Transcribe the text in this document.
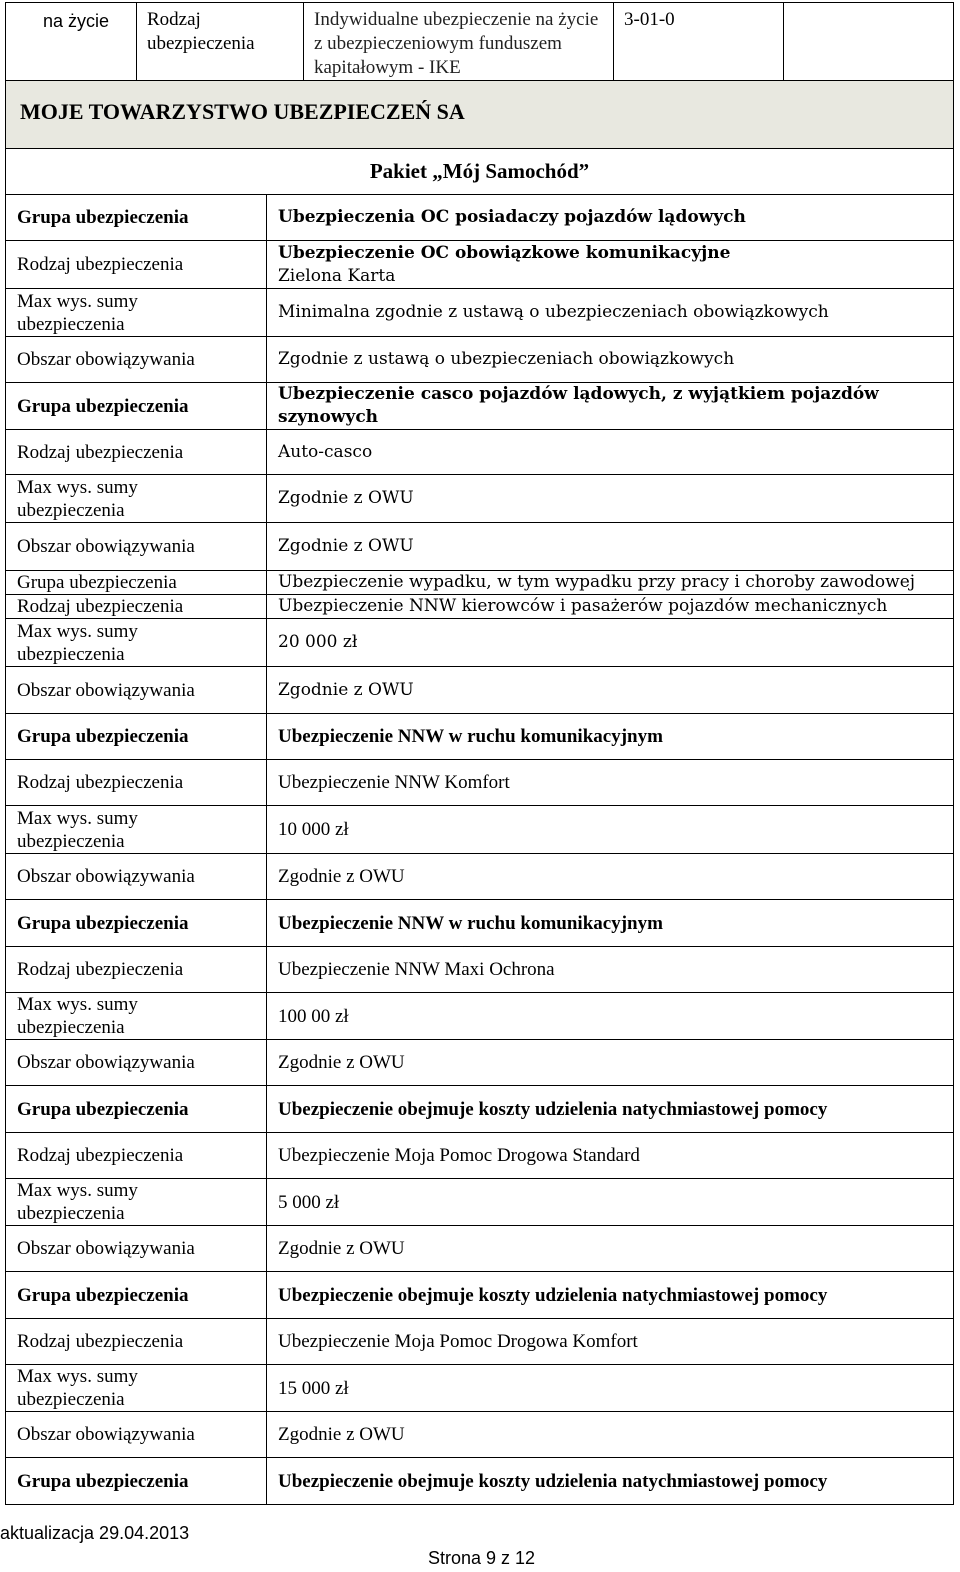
na życie	Rodzaj ubezpieczenia	Indywidualne ubezpieczenie na życie z ubezpieczeniowym funduszem kapitałowym - IKE	3-01-0	
MOJE TOWARZYSTWO UBEZPIECZEŃ SA
Pakiet „Mój Samochód”	
Grupa ubezpieczenia	Ubezpieczenia OC posiadaczy pojazdów lądowych
Rodzaj ubezpieczenia	Ubezpieczenie OC obowiązkowe komunikacyjne
Zielona Karta

Max wys. sumy
ubezpieczenia	Minimalna zgodnie z ustawą o ubezpieczeniach obowiązkowych
Obszar obowiązywania	Zgodnie z ustawą o ubezpieczeniach obowiązkowych
Grupa ubezpieczenia	Ubezpieczenie casco pojazdów lądowych, z wyjątkiem pojazdów szynowych
Rodzaj ubezpieczenia	Auto-casco

Max wys. sumy
ubezpieczenia	Zgodnie z OWU
Obszar obowiązywania	Zgodnie z OWU
Grupa ubezpieczenia	Ubezpieczenie wypadku, w tym wypadku przy pracy i choroby zawodowej
Rodzaj ubezpieczenia	Ubezpieczenie NNW kierowców i pasażerów pojazdów mechanicznych

Max wys. sumy
ubezpieczenia	20 000 zł
Obszar obowiązywania	Zgodnie z OWU
Grupa ubezpieczenia	Ubezpieczenie NNW w ruchu komunikacyjnym
Rodzaj ubezpieczenia	Ubezpieczenie NNW Komfort

Max wys. sumy
ubezpieczenia	10 000 zł
Obszar obowiązywania	Zgodnie z OWU
Grupa ubezpieczenia	Ubezpieczenie NNW w ruchu komunikacyjnym
Rodzaj ubezpieczenia	Ubezpieczenie NNW Maxi Ochrona

Max wys. sumy
ubezpieczenia	100 00 zł
Obszar obowiązywania	Zgodnie z OWU
Grupa ubezpieczenia	Ubezpieczenie obejmuje koszty udzielenia natychmiastowej pomocy
Rodzaj ubezpieczenia	Ubezpieczenie Moja Pomoc Drogowa Standard

Max wys. sumy
ubezpieczenia	5 000 zł
Obszar obowiązywania	Zgodnie z OWU
Grupa ubezpieczenia	Ubezpieczenie obejmuje koszty udzielenia natychmiastowej pomocy
Rodzaj ubezpieczenia	Ubezpieczenie Moja Pomoc Drogowa Komfort

Max wys. sumy
ubezpieczenia	15 000 zł
Obszar obowiązywania	Zgodnie z OWU
Grupa ubezpieczenia	Ubezpieczenie obejmuje koszty udzielenia natychmiastowej pomocy
aktualizacja 29.04.2013
Strona 9 z 12
